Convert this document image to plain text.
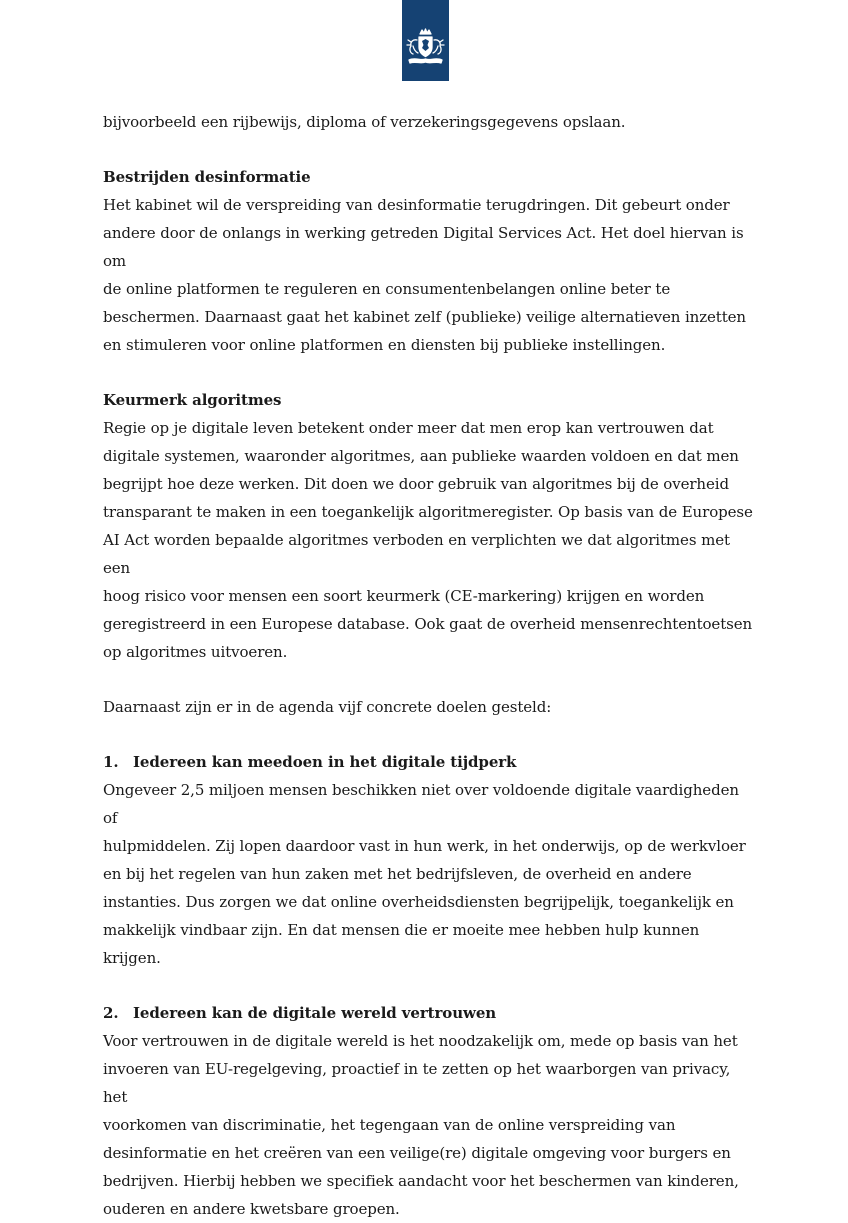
bijvoorbeeld een rijbewijs, diploma of verzekeringsgegevens opslaan.

Bestrijden desinformatie

Het kabinet wil de verspreiding van desinformatie terugdringen. Dit gebeurt onder

andere door de onlangs in werking getreden Digital Services Act. Het doel hiervan is om

de online platformen te reguleren en consumentenbelangen online beter te

beschermen. Daarnaast gaat het kabinet zelf (publieke) veilige alternatieven inzetten

en stimuleren voor online platformen en diensten bij publieke instellingen.

Keurmerk algoritmes

Regie op je digitale leven betekent onder meer dat men erop kan vertrouwen dat

digitale systemen, waaronder algoritmes, aan publieke waarden voldoen en dat men

begrijpt hoe deze werken. Dit doen we door gebruik van algoritmes bij de overheid

transparant te maken in een toegankelijk algoritmeregister. Op basis van de Europese

AI Act worden bepaalde algoritmes verboden en verplichten we dat algoritmes met een

hoog risico voor mensen een soort keurmerk (CE-markering) krijgen en worden

geregistreerd in een Europese database. Ook gaat de overheid mensenrechtentoetsen

op algoritmes uitvoeren.

Daarnaast zijn er in de agenda vijf concrete doelen gesteld:

1. Iedereen kan meedoen in het digitale tijdperk

Ongeveer 2,5 miljoen mensen beschikken niet over voldoende digitale vaardigheden of

hulpmiddelen. Zij lopen daardoor vast in hun werk, in het onderwijs, op de werkvloer

en bij het regelen van hun zaken met het bedrijfsleven, de overheid en andere

instanties. Dus zorgen we dat online overheidsdiensten begrijpelijk, toegankelijk en

makkelijk vindbaar zijn. En dat mensen die er moeite mee hebben hulp kunnen krijgen.

2. Iedereen kan de digitale wereld vertrouwen

Voor vertrouwen in de digitale wereld is het noodzakelijk om, mede op basis van het

invoeren van EU-regelgeving, proactief in te zetten op het waarborgen van privacy, het

voorkomen van discriminatie, het tegengaan van de online verspreiding van

desinformatie en het creëren van een veilige(re) digitale omgeving voor burgers en

bedrijven. Hierbij hebben we specifiek aandacht voor het beschermen van kinderen,

ouderen en andere kwetsbare groepen.
